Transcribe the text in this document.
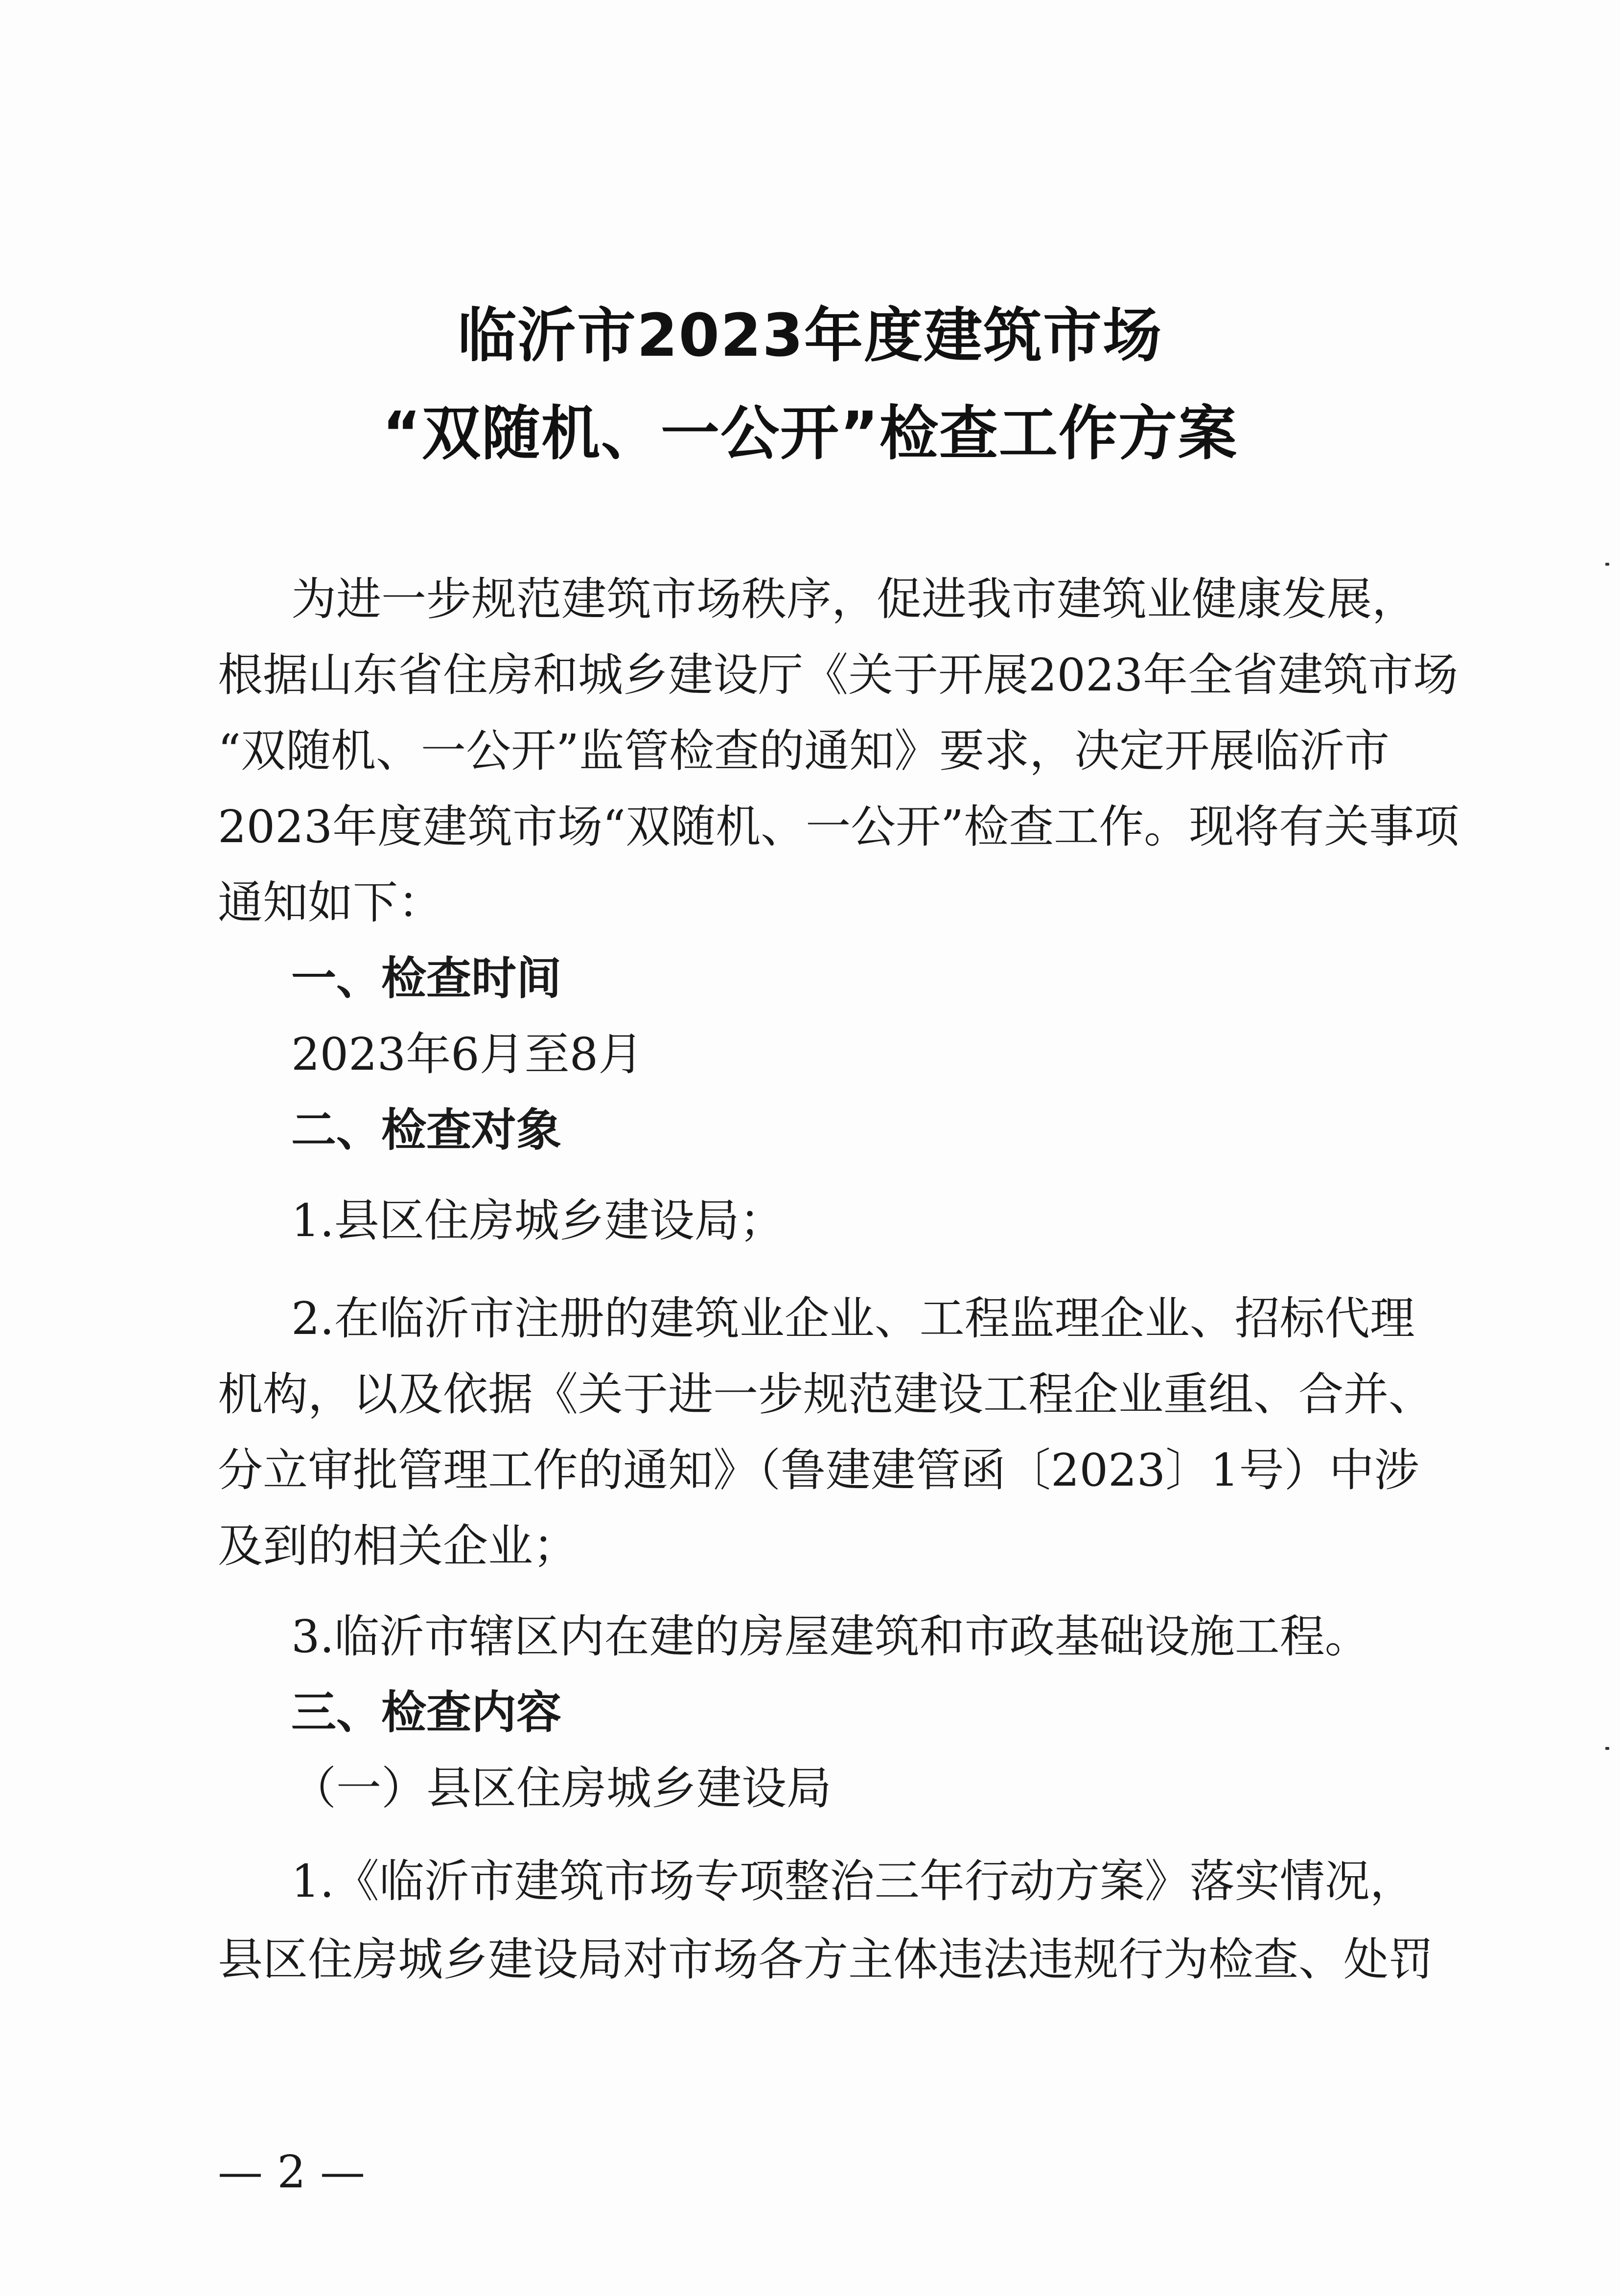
临沂市2023年度建筑市场
“双随机、一公开”检查工作方案
为进一步规范建筑市场秩序，促进我市建筑业健康发展，
根据山东省住房和城乡建设厅《关于开展2023年全省建筑市场
“双随机、一公开”监管检查的通知》要求，决定开展临沂市
2023年度建筑市场“双随机、一公开”检查工作。现将有关事项
通知如下：
一、检查时间
2023年6月至8月
二、检查对象
1.县区住房城乡建设局；
2.在临沂市注册的建筑业企业、工程监理企业、招标代理
机构，以及依据《关于进一步规范建设工程企业重组、合并、
分立审批管理工作的通知》（鲁建建管函〔2023〕1号）中涉
及到的相关企业；
3.临沂市辖区内在建的房屋建筑和市政基础设施工程。
三、检查内容
（一）县区住房城乡建设局
1.《临沂市建筑市场专项整治三年行动方案》落实情况，
县区住房城乡建设局对市场各方主体违法违规行为检查、处罚
— 2 —
